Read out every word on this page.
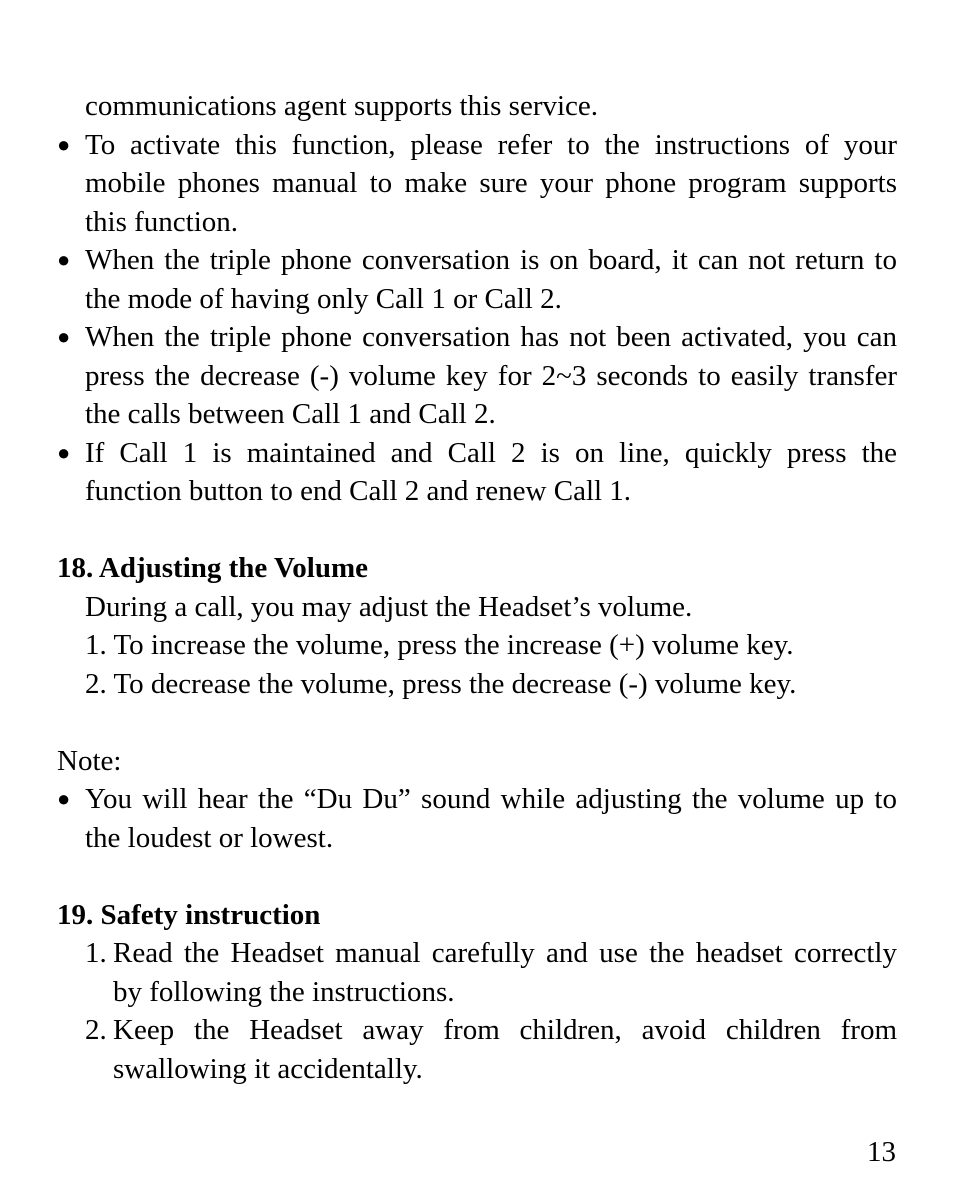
communications agent supports this service.

● To activate this function, please refer to the instructions of your mobile phones manual to make sure your phone program supports this function.

● When the triple phone conversation is on board, it can not return to the mode of having only Call 1 or Call 2.

● When the triple phone conversation has not been activated, you can press the decrease (-) volume key for 2~3 seconds to easily transfer the calls between Call 1 and Call 2.

● If Call 1 is maintained and Call 2 is on line, quickly press the function button to end Call 2 and renew Call 1.

18. Adjusting the Volume

During a call, you may adjust the Headset’s volume.

1. To increase the volume, press the increase (+) volume key.

2. To decrease the volume, press the decrease (-) volume key.

Note:

● You will hear the “Du Du” sound while adjusting the volume up to the loudest or lowest.

19. Safety instruction

1. Read the Headset manual carefully and use the headset correctly by following the instructions.

2. Keep the Headset away from children, avoid children from swallowing it accidentally.

13
